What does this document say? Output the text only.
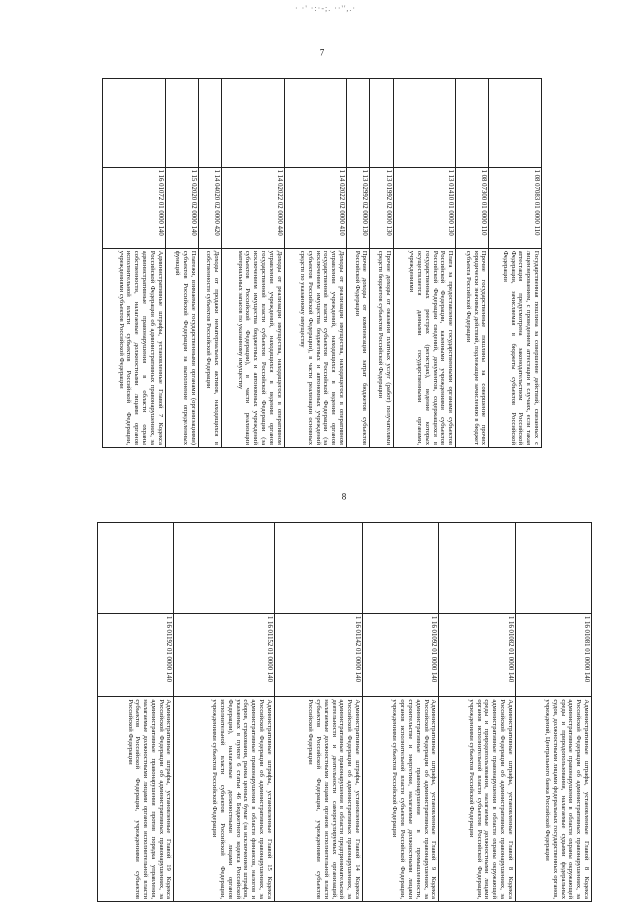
· ·' ·:·-;. ··'',.·
7
	1 08 07083 01 0000 110	Государственная пошлина за совершение действий, связанных с лицензированием, с проведением аттестации в случаях, если такая аттестация предусмотрена законодательством Российской Федерации, зачисляемая в бюджеты субъектов Российской Федерации
	1 08 07300 01 0000 110	Прочие государственные пошлины за совершение прочих юридически значимых действий, подлежащие зачислению в бюджет субъекта Российской Федерации
	1 13 01410 01 0000 130	Плата за предоставление государственными органами субъектов Российской Федерации, казенными учреждениями субъектов Российской Федерации сведений, документов, содержащихся в государственных реестрах (регистрах), ведение которых осуществляется данными государственными органами, учреждениями
	1 13 01992 02 0000 130	Прочие доходы от оказания платных услуг (работ) получателями средств бюджетов субъектов Российской Федерации
	1 13 02992 02 0000 130	Прочие доходы от компенсации затрат бюджетов субъектов Российской Федерации
	1 14 02022 02 0000 410	Доходы от реализации имущества, находящегося в оперативном управлении учреждений, находящихся в ведении органов государственной власти субъектов Российской Федерации (за исключением имущества бюджетных и автономных учреждений субъектов Российской Федерации), в части реализации основных средств по указанному имуществу
	1 14 02022 02 0000 440	Доходы от реализации имущества, находящегося в оперативном управлении учреждений, находящихся в ведении органов государственной власти субъектов Российской Федерации (за исключением имущества бюджетных и автономных учреждений субъектов Российской Федерации), в части реализации материальных запасов по указанному имуществу
	1 14 04020 02 0000 420	Доходы от продажи нематериальных активов, находящихся в собственности субъектов Российской Федерации
	1 15 02020 02 0000 140	Платежи, взимаемые государственными органами (организациями) субъектов Российской Федерации за выполнение определенных функций
	1 16 01072 01 0000 140	Административные штрафы, установленные Главой 7 Кодекса Российской Федерации об административных правонарушениях, за административные правонарушения в области охраны собственности, налагаемые должностными лицами органов исполнительной власти субъектов Российской Федерации, учреждениями субъектов Российской Федерации
8
	1 16 01081 01 0000 140	Административные штрафы, установленные Главой 8 Кодекса Российской Федерации об административных правонарушениях, за административные правонарушения в области охраны окружающей среды и природопользования, налагаемые судьями федеральных судов, должностными лицами федеральных государственных органов, учреждений, Центрального банка Российской Федерации
	1 16 01082 01 0000 140	Административные штрафы, установленные Главой 8 Кодекса Российской Федерации об административных правонарушениях, за административные правонарушения в области охраны окружающей среды и природопользования, налагаемые должностными лицами органов исполнительной власти субъектов Российской Федерации, учреждениями субъектов Российской Федерации
	1 16 01092 01 0000 140	Административные штрафы, установленные Главой 9 Кодекса Российской Федерации об административных правонарушениях, за административные правонарушения в промышленности, строительстве и энергетике, налагаемые должностными лицами органов исполнительной власти субъектов Российской Федерации, учреждениями субъектов Российской Федерации
	1 16 01142 01 0000 140	Административные штрафы, установленные Главой 14 Кодекса Российской Федерации об административных правонарушениях, за административные правонарушения в области предпринимательской деятельности и деятельности саморегулируемых организаций, налагаемые должностными лицами органов исполнительной власти субъектов Российской Федерации, учреждениями субъектов Российской Федерации
	1 16 01152 01 0000 140	Административные штрафы, установленные Главой 15 Кодекса Российской Федерации об административных правонарушениях, за административные правонарушения в области финансов, налогов и сборов, страхования, рынка ценных бумаг (за исключением штрафов, указанных в пункте 6 статьи 46 Бюджетного кодекса Российской Федерации), налагаемые должностными лицами органов исполнительной власти субъектов Российской Федерации, учреждениями субъектов Российской Федерации
	1 16 01192 01 0000 140	Административные штрафы, установленные Главой 19 Кодекса Российской Федерации об административных правонарушениях, за административные правонарушения против порядка управления, налагаемые должностными лицами органов исполнительной власти субъектов Российской Федерации, учреждениями субъектов Российской Федерации
